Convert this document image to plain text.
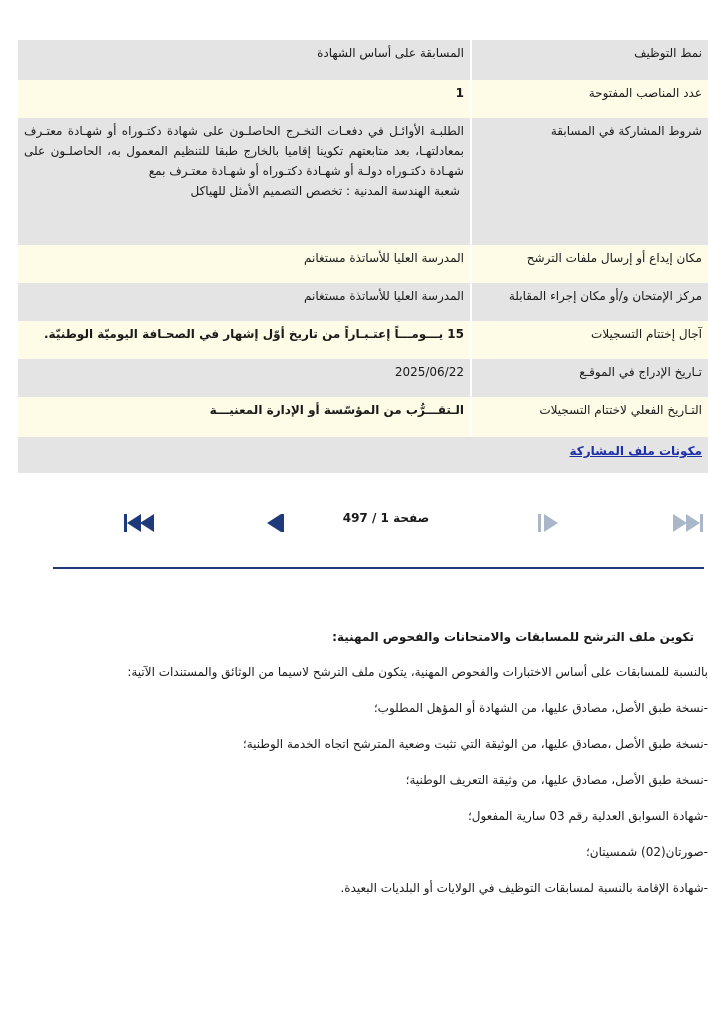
نمط التوظيف	المسابقة على أساس الشهادة
عدد المناصب المفتوحة	1
شروط المشاركة في المسابقة	الطلبـة الأوائـل في دفعـات التخـرج الحاصلـون على شهادة دكتـوراه أو شهـادة معتـرف بمعادلتهـا، بعد متابعتهم تكوينا إقاميا بالخارج طبقا للتنظيم المعمول به، الحاصلـون على شهـادة دكتـوراه دولـة أو شهـادة دكتـوراه أو شهـادة معتـرف بمع
شعبة الهندسة المدنية : تخصص التصميم الأمثل للهياكل

مكان إيداع أو إرسال ملفات الترشح	المدرسة العليا للأساتذة مستغانم
مركز الإمتحان و/أو مكان إجراء المقابلة	المدرسة العليا للأساتذة مستغانم
آجال إختتام التسجيلات	15 يـــومـــاً إعتـبـاراً من تاريخ أوّل إشهار في الصحـافة اليوميّة الوطنيّة.
تـاريخ الإدراج في الموقـع	2025/06/22
التـاريخ الفعلي لاختتام التسجيلات	الـتقـــرُّب من المؤسّسة أو الإدارة المعنيـــة
مكونات ملف المشاركة
صفحة 1 / 497
تكوين ملف الترشح للمسابقات والامتحانات والفحوص المهنية:
بالنسبة للمسابقات على أساس الاختبارات والفحوص المهنية، يتكون ملف الترشح لاسيما من الوثائق والمستندات الآتية:
-نسخة طبق الأصل، مصادق عليها، من الشهادة أو المؤهل المطلوب؛
-نسخة طبق الأصل ،مصادق عليها، من الوثيقة التي تثبت وضعية المترشح اتجاه الخدمة الوطنية؛
-نسخة طبق الأصل، مصادق عليها، من وثيقة التعريف الوطنية؛
-شهادة السوابق العدلية رقم 03 سارية المفعول؛
-صورتان(02) شمسيتان؛
-شهادة الإقامة بالنسبة لمسابقات التوظيف في الولايات أو البلديات البعيدة.
